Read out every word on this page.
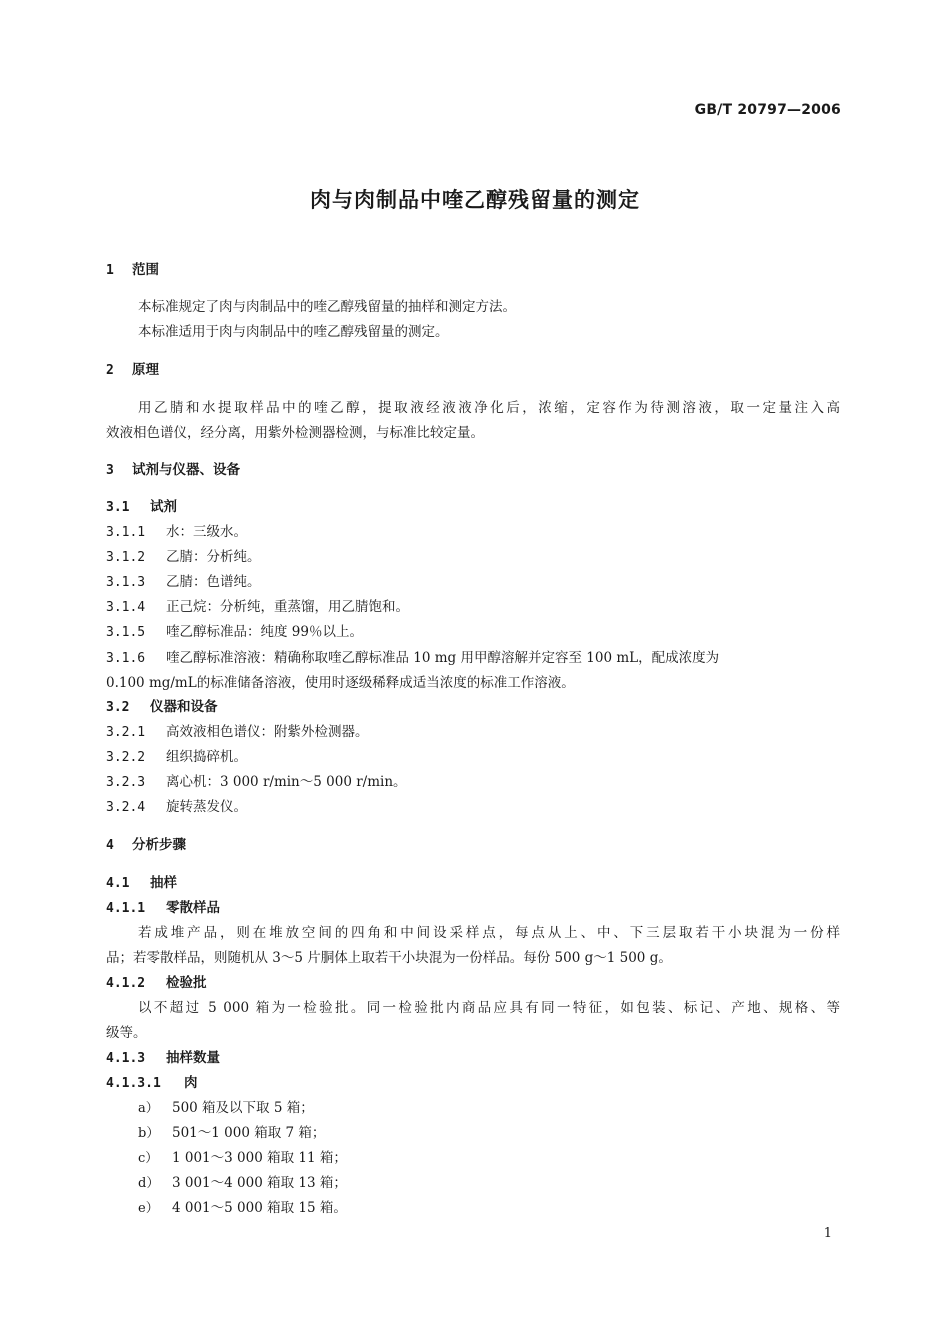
GB/T 20797—2006
肉与肉制品中喹乙醇残留量的测定
1 范围
本标准规定了肉与肉制品中的喹乙醇残留量的抽样和测定方法。
本标准适用于肉与肉制品中的喹乙醇残留量的测定。
2 原理
用乙腈和水提取样品中的喹乙醇，提取液经液液净化后，浓缩，定容作为待测溶液，取一定量注入高
效液相色谱仪，经分离，用紫外检测器检测，与标准比较定量。
3 试剂与仪器、设备
3.1 试剂
3.1.1 水：三级水。
3.1.2 乙腈：分析纯。
3.1.3 乙腈：色谱纯。
3.1.4 正己烷：分析纯，重蒸馏，用乙腈饱和。
3.1.5 喹乙醇标准品：纯度 99％以上。
3.1.6 喹乙醇标准溶液：精确称取喹乙醇标准品 10 mg 用甲醇溶解并定容至 100 mL，配成浓度为
0.100 mg/mL的标准储备溶液，使用时逐级稀释成适当浓度的标准工作溶液。
3.2 仪器和设备
3.2.1 高效液相色谱仪：附紫外检测器。
3.2.2 组织捣碎机。
3.2.3 离心机：3 000 r/min～5 000 r/min。
3.2.4 旋转蒸发仪。
4 分析步骤
4.1 抽样
4.1.1 零散样品
若成堆产品，则在堆放空间的四角和中间设采样点，每点从上、中、下三层取若干小块混为一份样
品；若零散样品，则随机从 3～5 片胴体上取若干小块混为一份样品。每份 500 g～1 500 g。
4.1.2 检验批
以不超过 5 000 箱为一检验批。同一检验批内商品应具有同一特征，如包装、标记、产地、规格、等
级等。
4.1.3 抽样数量
4.1.3.1 肉
a） 500 箱及以下取 5 箱；
b） 501～1 000 箱取 7 箱；
c） 1 001～3 000 箱取 11 箱；
d） 3 001～4 000 箱取 13 箱；
e） 4 001～5 000 箱取 15 箱。
1
